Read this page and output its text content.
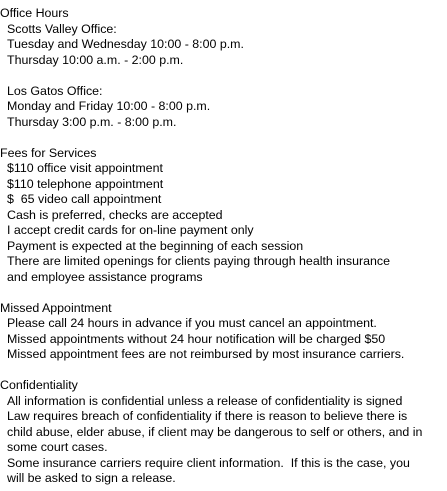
Office Hours
Scotts Valley Office:
Tuesday and Wednesday 10:00 - 8:00 p.m.
Thursday 10:00 a.m. - 2:00 p.m.
Los Gatos Office:
Monday and Friday 10:00 - 8:00 p.m.
Thursday 3:00 p.m. - 8:00 p.m.
Fees for Services
$110 office visit appointment
$110 telephone appointment
$  65 video call appointment
Cash is preferred, checks are accepted
I accept credit cards for on-line payment only
Payment is expected at the beginning of each session
There are limited openings for clients paying through health insurance
and employee assistance programs
Missed Appointment
Please call 24 hours in advance if you must cancel an appointment.
Missed appointments without 24 hour notification will be charged $50
Missed appointment fees are not reimbursed by most insurance carriers.
Confidentiality
All information is confidential unless a release of confidentiality is signed
Law requires breach of confidentiality if there is reason to believe there is
child abuse, elder abuse, if client may be dangerous to self or others, and in
some court cases.
Some insurance carriers require client information.  If this is the case, you
will be asked to sign a release.
